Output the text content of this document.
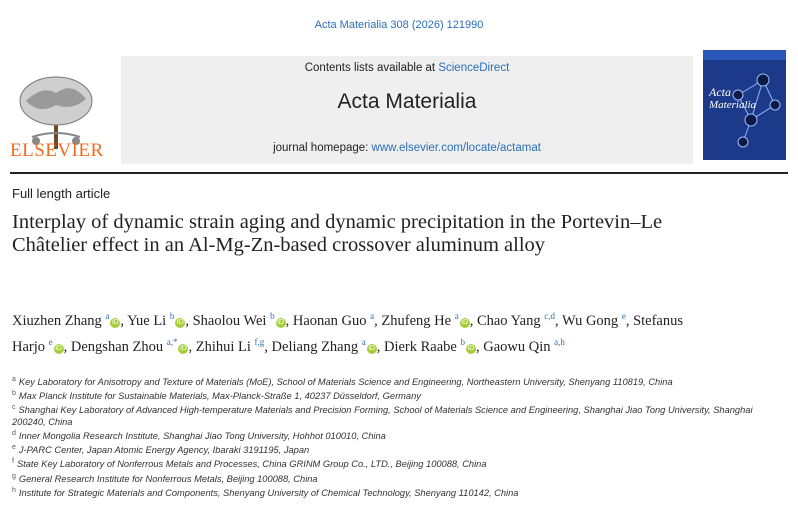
Acta Materialia 308 (2026) 121990
ELSEVIER
Contents lists available at ScienceDirect
Acta Materialia
journal homepage: www.elsevier.com/locate/actamat
Acta
Materialia
Full length article
Interplay of dynamic strain aging and dynamic precipitation in the Portevin–Le Châtelier effect in an Al-Mg-Zn-based crossover aluminum alloy
Xiuzhen Zhang $^a$iD , Yue Li $^b$iD , Shaolou Wei $^b$iD , Haonan Guo $^a$, Zhufeng He $^a$iD , Chao Yang $^{c,d}$, Wu Gong $^e$, Stefanus Harjo $^e$iD , Dengshan Zhou $^{a,*}$iD , Zhihui Li $^{f,g}$, Deliang Zhang $^a$iD , Dierk Raabe $^b$iD , Gaowu Qin $^{a,h}$
$^a$ Key Laboratory for Anisotropy and Texture of Materials (MoE), School of Materials Science and Engineering, Northeastern University, Shenyang 110819, China
$^b$ Max Planck Institute for Sustainable Materials, Max-Planck-Straße 1, 40237 Düsseldorf, Germany
$^c$ Shanghai Key Laboratory of Advanced High-temperature Materials and Precision Forming, School of Materials Science and Engineering, Shanghai Jiao Tong University, Shanghai 200240, China
$^d$ Inner Mongolia Research Institute, Shanghai Jiao Tong University, Hohhot 010010, China
$^e$ J-PARC Center, Japan Atomic Energy Agency, Ibaraki 3191195, Japan
$^f$ State Key Laboratory of Nonferrous Metals and Processes, China GRINM Group Co., LTD., Beijing 100088, China
$^g$ General Research Institute for Nonferrous Metals, Beijing 100088, China
$^h$ Institute for Strategic Materials and Components, Shenyang University of Chemical Technology, Shenyang 110142, China
